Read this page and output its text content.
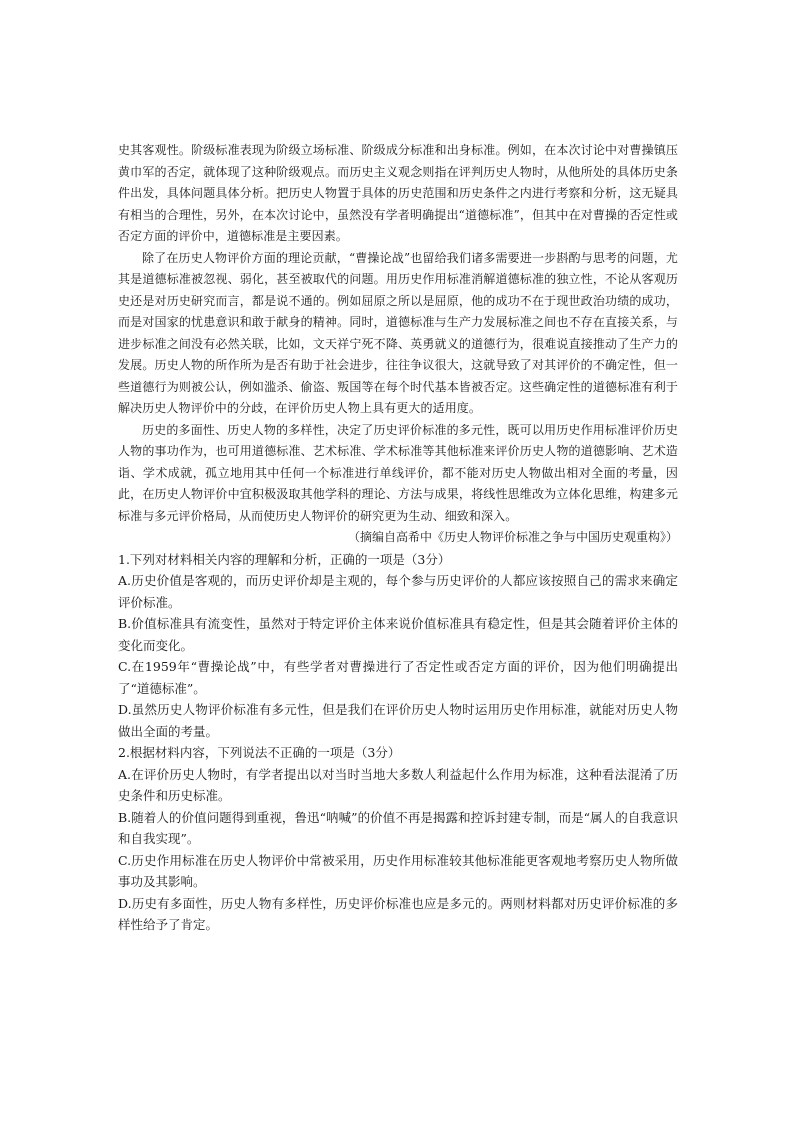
史其客观性。阶级标准表现为阶级立场标准、阶级成分标准和出身标准。例如，在本次讨论中对曹操镇压黄巾军的否定，就体现了这种阶级观点。而历史主义观念则指在评判历史人物时，从他所处的具体历史条件出发，具体问题具体分析。把历史人物置于具体的历史范围和历史条件之内进行考察和分析，这无疑具有相当的合理性，另外，在本次讨论中，虽然没有学者明确提出“道德标准”，但其中在对曹操的否定性或否定方面的评价中，道德标准是主要因素。

除了在历史人物评价方面的理论贡献，“曹操论战”也留给我们诸多需要进一步斟酌与思考的问题，尤其是道德标准被忽视、弱化，甚至被取代的问题。用历史作用标准消解道德标准的独立性，不论从客观历史还是对历史研究而言，都是说不通的。例如屈原之所以是屈原，他的成功不在于现世政治功绩的成功，而是对国家的忧患意识和敢于献身的精神。同时，道德标准与生产力发展标准之间也不存在直接关系，与进步标准之间没有必然关联，比如，文天祥宁死不降、英勇就义的道德行为，很难说直接推动了生产力的发展。历史人物的所作所为是否有助于社会进步，往往争议很大，这就导致了对其评价的不确定性，但一些道德行为则被公认，例如滥杀、偷盗、叛国等在每个时代基本皆被否定。这些确定性的道德标准有利于解决历史人物评价中的分歧，在评价历史人物上具有更大的适用度。

历史的多面性、历史人物的多样性，决定了历史评价标准的多元性，既可以用历史作用标准评价历史人物的事功作为，也可用道德标准、艺术标准、学术标准等其他标准来评价历史人物的道德影响、艺术造诣、学术成就，孤立地用其中任何一个标准进行单线评价，都不能对历史人物做出相对全面的考量，因此，在历史人物评价中宜积极汲取其他学科的理论、方法与成果，将线性思维改为立体化思维，构建多元标准与多元评价格局，从而使历史人物评价的研究更为生动、细致和深入。

（摘编自高希中《历史人物评价标准之争与中国历史观重构》）

1.下列对材料相关内容的理解和分析，正确的一项是（3分）

A.历史价值是客观的，而历史评价却是主观的，每个参与历史评价的人都应该按照自己的需求来确定评价标准。

B.价值标准具有流变性，虽然对于特定评价主体来说价值标准具有稳定性，但是其会随着评价主体的变化而变化。

C.在1959年“曹操论战”中，有些学者对曹操进行了否定性或否定方面的评价，因为他们明确提出了“道德标准”。

D.虽然历史人物评价标准有多元性，但是我们在评价历史人物时运用历史作用标准，就能对历史人物做出全面的考量。

2.根据材料内容，下列说法不正确的一项是（3分）

A.在评价历史人物时，有学者提出以对当时当地大多数人利益起什么作用为标准，这种看法混淆了历史条件和历史标准。

B.随着人的价值问题得到重视，鲁迅“呐喊”的价值不再是揭露和控诉封建专制，而是“属人的自我意识和自我实现”。

C.历史作用标准在历史人物评价中常被采用，历史作用标准较其他标准能更客观地考察历史人物所做事功及其影响。

D.历史有多面性，历史人物有多样性，历史评价标准也应是多元的。两则材料都对历史评价标准的多样性给予了肯定。
